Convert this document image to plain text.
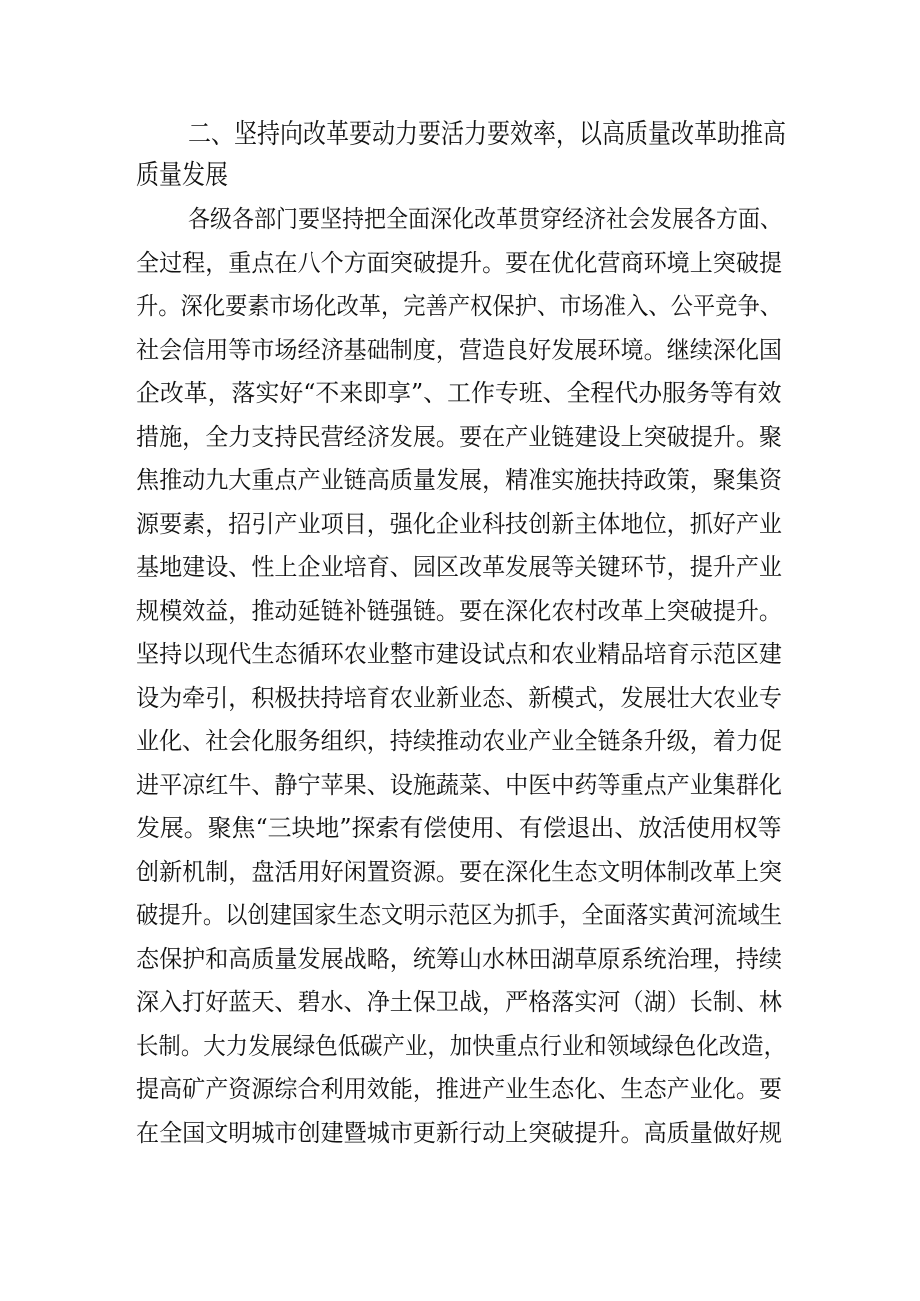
二、坚持向改革要动力要活力要效率，以高质量改革助推高
质量发展
各级各部门要坚持把全面深化改革贯穿经济社会发展各方面、
全过程，重点在八个方面突破提升。要在优化营商环境上突破提
升。深化要素市场化改革，完善产权保护、市场准入、公平竞争、
社会信用等市场经济基础制度，营造良好发展环境。继续深化国
企改革，落实好“不来即享”、工作专班、全程代办服务等有效
措施，全力支持民营经济发展。要在产业链建设上突破提升。聚
焦推动九大重点产业链高质量发展，精准实施扶持政策，聚集资
源要素，招引产业项目，强化企业科技创新主体地位，抓好产业
基地建设、性上企业培育、园区改革发展等关键环节，提升产业
规模效益，推动延链补链强链。要在深化农村改革上突破提升。
坚持以现代生态循环农业整市建设试点和农业精品培育示范区建
设为牵引，积极扶持培育农业新业态、新模式，发展壮大农业专
业化、社会化服务组织，持续推动农业产业全链条升级，着力促
进平凉红牛、静宁苹果、设施蔬菜、中医中药等重点产业集群化
发展。聚焦“三块地”探索有偿使用、有偿退出、放活使用权等
创新机制，盘活用好闲置资源。要在深化生态文明体制改革上突
破提升。以创建国家生态文明示范区为抓手，全面落实黄河流域生
态保护和高质量发展战略，统筹山水林田湖草原系统治理，持续
深入打好蓝天、碧水、净土保卫战，严格落实河（湖）长制、林
长制。大力发展绿色低碳产业，加快重点行业和领域绿色化改造，
提高矿产资源综合利用效能，推进产业生态化、生态产业化。要
在全国文明城市创建暨城市更新行动上突破提升。高质量做好规
